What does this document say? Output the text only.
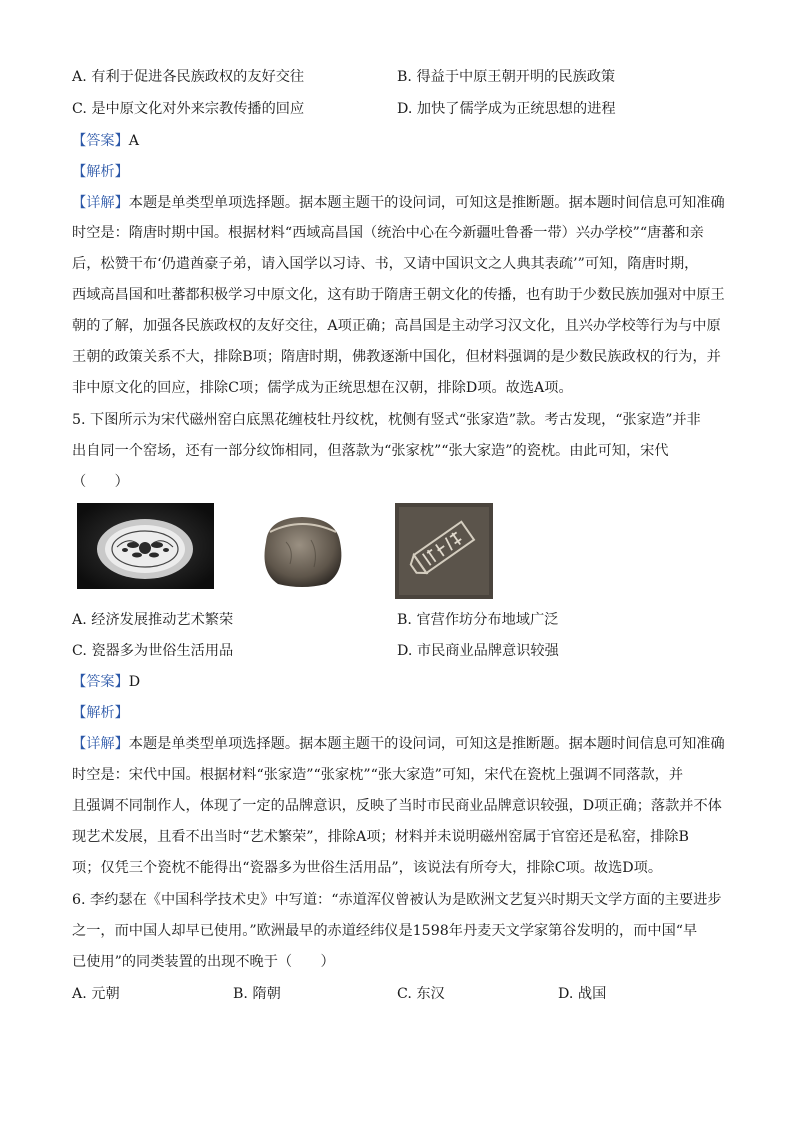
A. 有利于促进各民族政权的友好交往	B. 得益于中原王朝开明的民族政策
C. 是中原文化对外来宗教传播的回应	D. 加快了儒学成为正统思想的进程
【答案】A
【解析】
【详解】本题是单类型单项选择题。据本题主题干的设问词，可知这是推断题。据本题时间信息可知准确
时空是：隋唐时期中国。根据材料“西域高昌国（统治中心在今新疆吐鲁番一带）兴办学校”“唐蕃和亲
后，松赞干布‘仍遣酋豪子弟，请入国学以习诗、书，又请中国识文之人典其表疏’”可知，隋唐时期，
西域高昌国和吐蕃都积极学习中原文化，这有助于隋唐王朝文化的传播，也有助于少数民族加强对中原王
朝的了解，加强各民族政权的友好交往，A项正确；高昌国是主动学习汉文化，且兴办学校等行为与中原
王朝的政策关系不大，排除B项；隋唐时期，佛教逐渐中国化，但材料强调的是少数民族政权的行为，并
非中原文化的回应，排除C项；儒学成为正统思想在汉朝，排除D项。故选A项。
5. 下图所示为宋代磁州窑白底黑花缠枝牡丹纹枕，枕侧有竖式“张家造”款。考古发现，“张家造”并非
出自同一个窑场，还有一部分纹饰相同，但落款为“张家枕”“张大家造”的瓷枕。由此可知，宋代
（　　）
A. 经济发展推动艺术繁荣	B. 官营作坊分布地域广泛
C. 瓷器多为世俗生活用品	D. 市民商业品牌意识较强
【答案】D
【解析】
【详解】本题是单类型单项选择题。据本题主题干的设问词，可知这是推断题。据本题时间信息可知准确
时空是：宋代中国。根据材料“张家造”“张家枕”“张大家造”可知，宋代在瓷枕上强调不同落款，并
且强调不同制作人，体现了一定的品牌意识，反映了当时市民商业品牌意识较强，D项正确；落款并不体
现艺术发展，且看不出当时“艺术繁荣”，排除A项；材料并未说明磁州窑属于官窑还是私窑，排除B
项；仅凭三个瓷枕不能得出“瓷器多为世俗生活用品”，该说法有所夸大，排除C项。故选D项。
6. 李约瑟在《中国科学技术史》中写道：“赤道浑仪曾被认为是欧洲文艺复兴时期天文学方面的主要进步
之一，而中国人却早已使用。”欧洲最早的赤道经纬仪是1598年丹麦天文学家第谷发明的，而中国“早
已使用”的同类装置的出现不晚于（　　）
A. 元朝	B. 隋朝	C. 东汉	D. 战国
